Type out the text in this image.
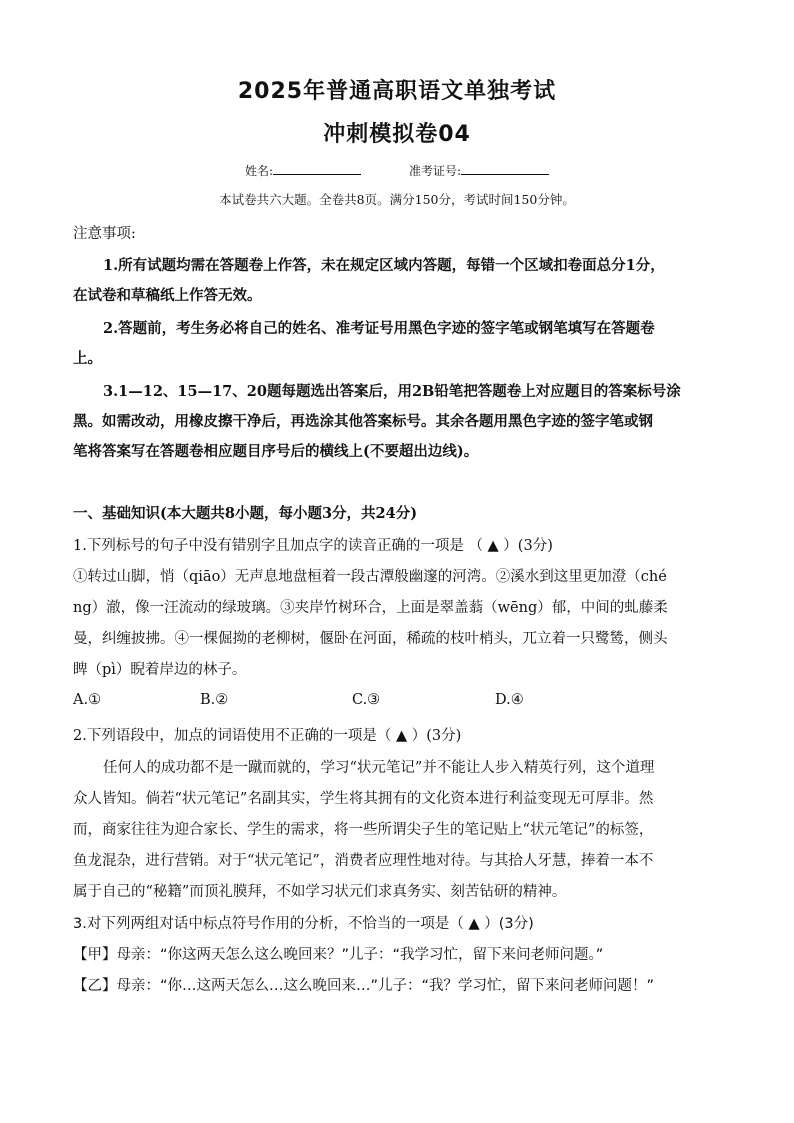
2025年普通高职语文单独考试
冲刺模拟卷04
姓名:	准考证号:
本试卷共六大题。全卷共8页。满分150分，考试时间150分钟。
注意事项:
1.所有试题均需在答题卷上作答，未在规定区域内答题，每错一个区域扣卷面总分1分，
在试卷和草稿纸上作答无效。
2.答题前，考生务必将自己的姓名、准考证号用黑色字迹的签字笔或钢笔填写在答题卷
上。
3.1—12、15—17、20题每题选出答案后，用2B铅笔把答题卷上对应题目的答案标号涂
黑。如需改动，用橡皮擦干净后，再选涂其他答案标号。其余各题用黑色字迹的签字笔或钢
笔将答案写在答题卷相应题目序号后的横线上(不要超出边线)。
一、基础知识(本大题共8小题，每小题3分，共24分)
1.下列标号的句子中没有错别字且加点字的读音正确的一项是 （ ▲ ）(3分)
①转过山脚，悄（qiāo）无声息地盘桓着一段古潭般幽邃的河湾。②溪水到这里更加澄（ché
ng）澈，像一汪流动的绿玻璃。③夹岸竹树环合，上面是翠盖蓊（wēng）郁，中间的虬藤柔
曼，纠缠披拂。④一棵倔拗的老柳树，偃卧在河面，稀疏的枝叶梢头，兀立着一只鹭鸶，侧头
睥（pì）睨着岸边的林子。
A.①	B.②	C.③	D.④
2.下列语段中，加点的词语使用不正确的一项是（ ▲ ）(3分)
任何人的成功都不是一蹴而就的，学习“状元笔记”并不能让人步入精英行列，这个道理
众人皆知。倘若“状元笔记”名副其实，学生将其拥有的文化资本进行利益变现无可厚非。然
而，商家往往为迎合家长、学生的需求，将一些所谓尖子生的笔记贴上“状元笔记”的标签，
鱼龙混杂，进行营销。对于“状元笔记”，消费者应理性地对待。与其拾人牙慧，捧着一本不
属于自己的“秘籍”而顶礼膜拜，不如学习状元们求真务实、刻苦钻研的精神。
3.对下列两组对话中标点符号作用的分析，不恰当的一项是（ ▲ ）(3分)
【甲】母亲：“你这两天怎么这么晚回来？”儿子：“我学习忙，留下来问老师问题。”
【乙】母亲：“你…这两天怎么…这么晚回来…”儿子：“我？学习忙，留下来问老师问题！”
